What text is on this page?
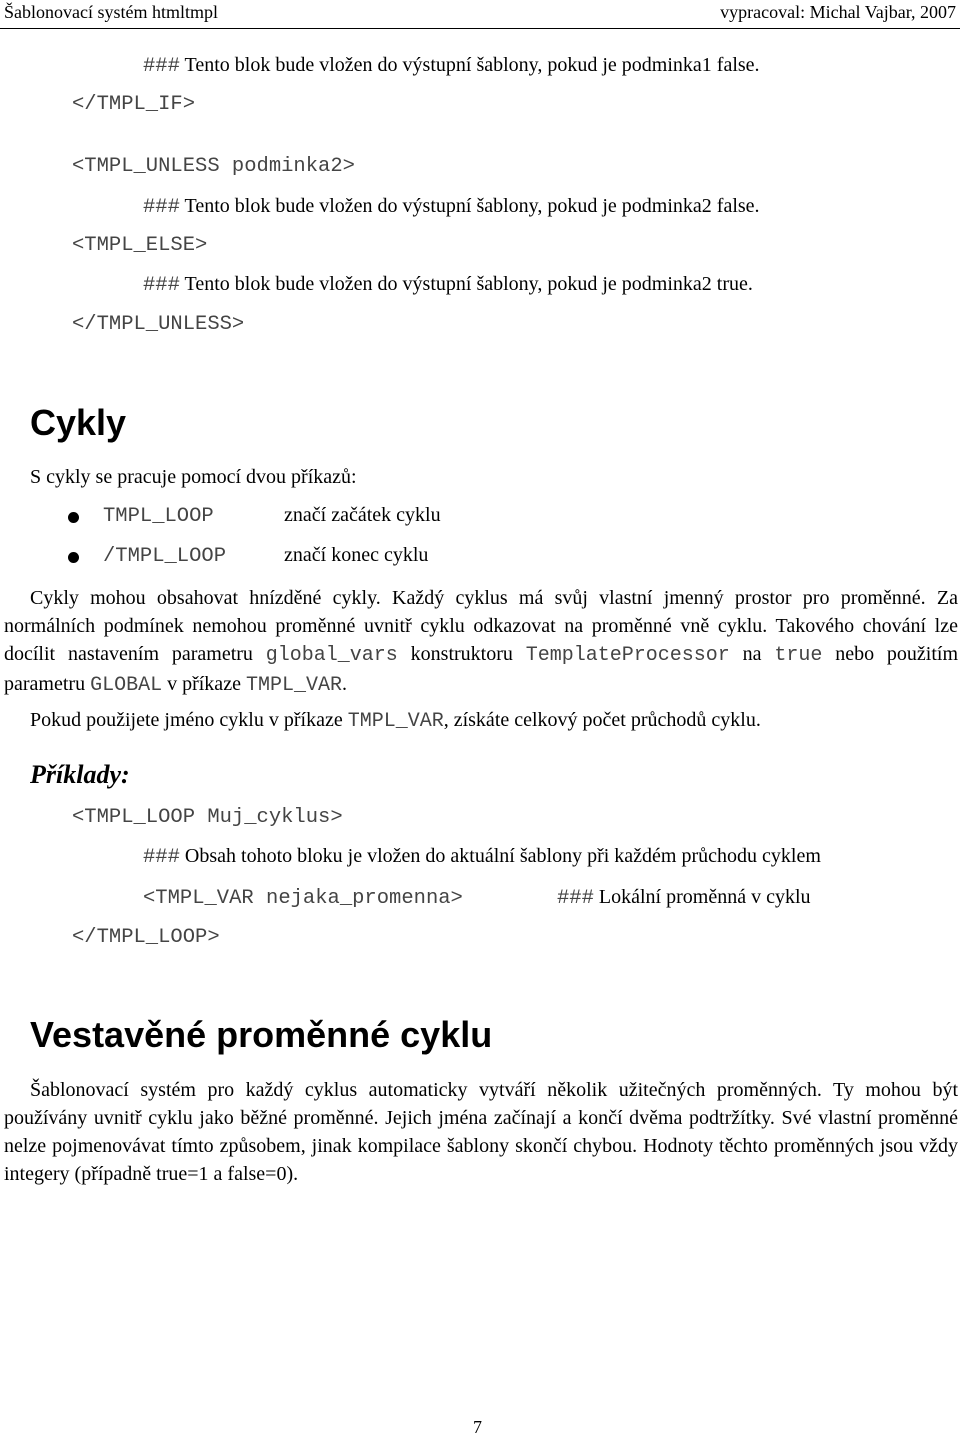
Šablonovací systém htmltmpl	vypracoval: Michal Vajbar, 2007
### Tento blok bude vložen do výstupní šablony, pokud je podminka1 false.
</TMPL_IF>
<TMPL_UNLESS podminka2>
### Tento blok bude vložen do výstupní šablony, pokud je podminka2 false.
<TMPL_ELSE>
### Tento blok bude vložen do výstupní šablony, pokud je podminka2 true.
</TMPL_UNLESS>
Cykly
S cykly se pracuje pomocí dvou příkazů:
TMPL_LOOP	značí začátek cyklu
/TMPL_LOOP	značí konec cyklu
Cykly mohou obsahovat hnízděné cykly. Každý cyklus má svůj vlastní jmenný prostor pro proměnné. Za normálních podmínek nemohou proměnné uvnitř cyklu odkazovat na proměnné vně cyklu. Takového chování lze docílit nastavením parametru global_vars konstruktoru TemplateProcessor na true nebo použitím parametru GLOBAL v příkaze TMPL_VAR.
Pokud použijete jméno cyklu v příkaze TMPL_VAR, získáte celkový počet průchodů cyklu.
Příklady:
<TMPL_LOOP Muj_cyklus>
### Obsah tohoto bloku je vložen do aktuální šablony při každém průchodu cyklem
<TMPL_VAR nejaka_promenna>	### Lokální proměnná v cyklu
</TMPL_LOOP>
Vestavěné proměnné cyklu
Šablonovací systém pro každý cyklus automaticky vytváří několik užitečných proměnných. Ty mohou být používány uvnitř cyklu jako běžné proměnné. Jejich jména začínají a končí dvěma podtržítky. Své vlastní proměnné nelze pojmenovávat tímto způsobem, jinak kompilace šablony skončí chybou. Hodnoty těchto proměnných jsou vždy integery (případně true=1 a false=0).
7
